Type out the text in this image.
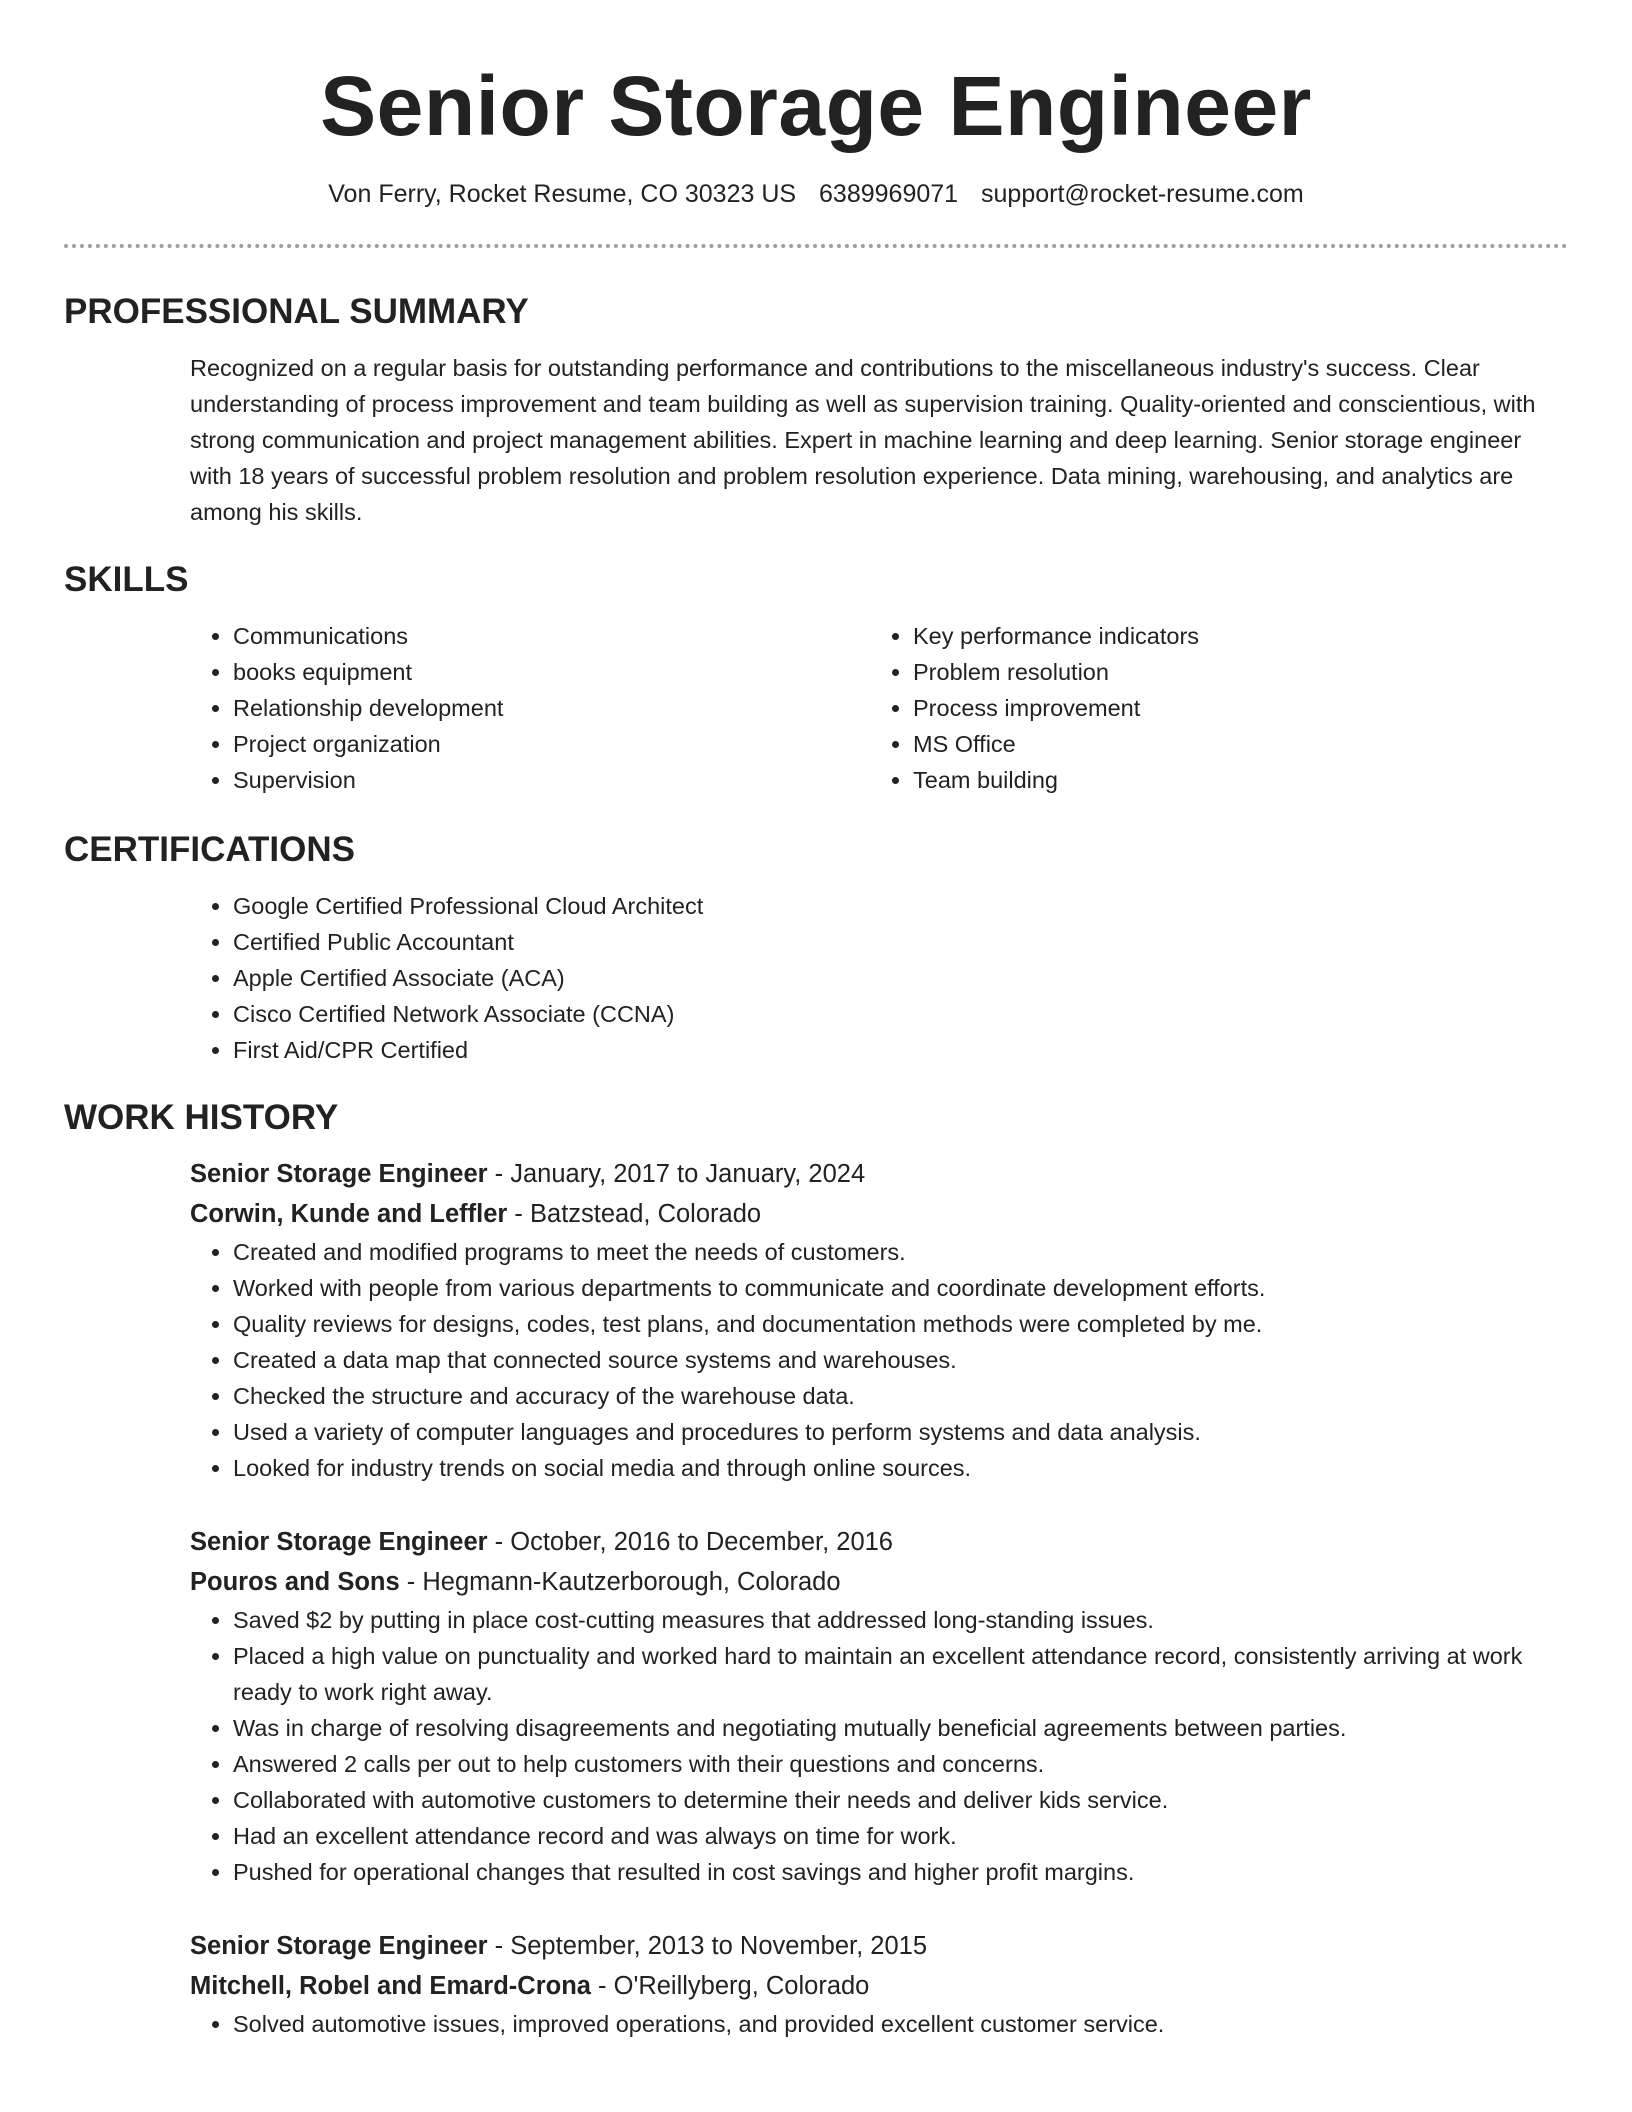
Senior Storage Engineer
Von Ferry, Rocket Resume, CO 30323 US 6389969071 support@rocket-resume.com
PROFESSIONAL SUMMARY
Recognized on a regular basis for outstanding performance and contributions to the miscellaneous industry's success. Clear understanding of process improvement and team building as well as supervision training. Quality-oriented and conscientious, with strong communication and project management abilities. Expert in machine learning and deep learning. Senior storage engineer with 18 years of successful problem resolution and problem resolution experience. Data mining, warehousing, and analytics are among his skills.
SKILLS
• Communications
• books equipment
• Relationship development
• Project organization
• Supervision
• Key performance indicators
• Problem resolution
• Process improvement
• MS Office
• Team building
CERTIFICATIONS
• Google Certified Professional Cloud Architect
• Certified Public Accountant
• Apple Certified Associate (ACA)
• Cisco Certified Network Associate (CCNA)
• First Aid/CPR Certified
WORK HISTORY
Senior Storage Engineer - January, 2017 to January, 2024
Corwin, Kunde and Leffler - Batzstead, Colorado
• Created and modified programs to meet the needs of customers.
• Worked with people from various departments to communicate and coordinate development efforts.
• Quality reviews for designs, codes, test plans, and documentation methods were completed by me.
• Created a data map that connected source systems and warehouses.
• Checked the structure and accuracy of the warehouse data.
• Used a variety of computer languages and procedures to perform systems and data analysis.
• Looked for industry trends on social media and through online sources.
Senior Storage Engineer - October, 2016 to December, 2016
Pouros and Sons - Hegmann-Kautzerborough, Colorado
• Saved $2 by putting in place cost-cutting measures that addressed long-standing issues.
• Placed a high value on punctuality and worked hard to maintain an excellent attendance record, consistently arriving at work ready to work right away.
• Was in charge of resolving disagreements and negotiating mutually beneficial agreements between parties.
• Answered 2 calls per out to help customers with their questions and concerns.
• Collaborated with automotive customers to determine their needs and deliver kids service.
• Had an excellent attendance record and was always on time for work.
• Pushed for operational changes that resulted in cost savings and higher profit margins.
Senior Storage Engineer - September, 2013 to November, 2015
Mitchell, Robel and Emard-Crona - O'Reillyberg, Colorado
• Solved automotive issues, improved operations, and provided excellent customer service.
